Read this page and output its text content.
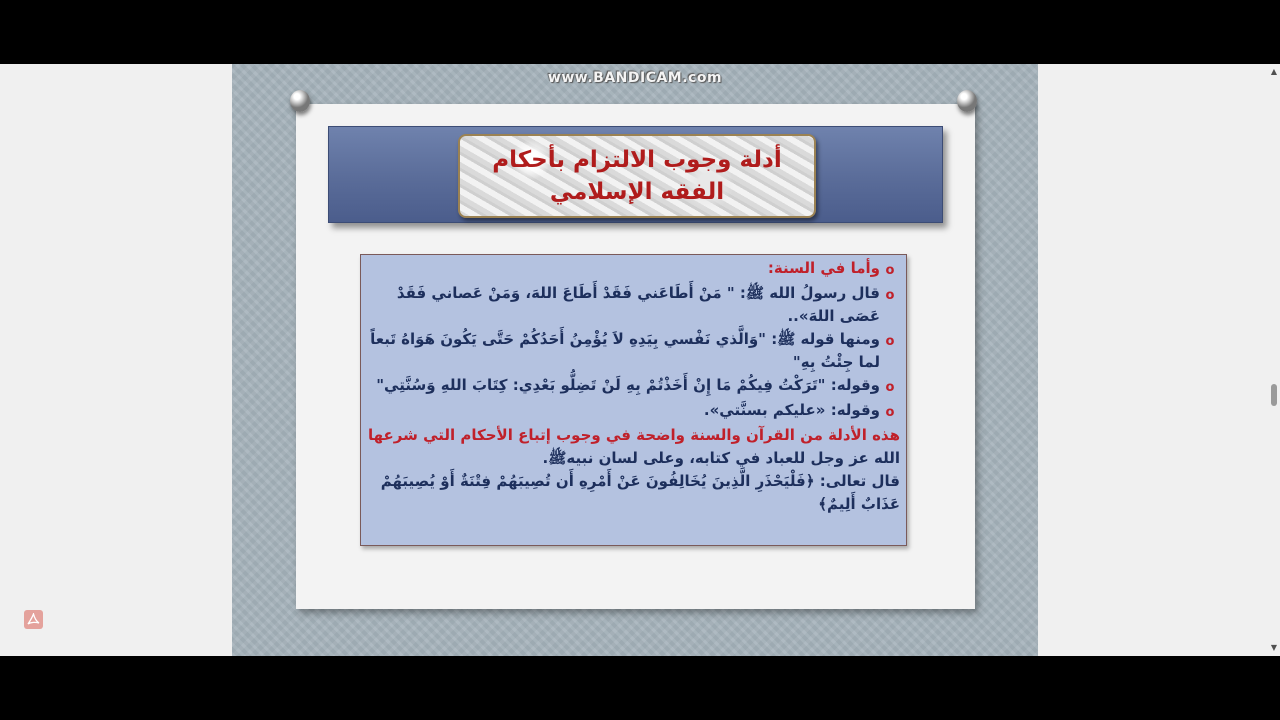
www.BANDICAM.com
أدلة وجوب الالتزام بأحكام
الفقه الإسلامي
ο
وأما في السنة:
ο
قال رسولُ الله ﷺ: " مَنْ أَطَاعَني فَقَدْ أَطَاعَ اللهَ، وَمَنْ عَصاني فَقَدْ عَصَى اللهَ»..
ο
ومنها قوله ﷺ: "وَالَّذي نَفْسي بِيَدِهِ لاَ يُؤْمِنُ أَحَدُكُمْ حَتَّى يَكُونَ هَوَاهُ تَبعاً لما جِئْتُ بِهِ"
ο
وقوله: "تَرَكْتُ فِيكُمْ مَا إِنْ أَخَذْتُمْ بِهِ لَنْ تَضِلُّو بَعْدِي: كِتَابَ اللهِ وَسُنَّتِي"
ο
وقوله: «عليكم بسنَّتي».
هذه الأدلة من القرآن والسنة واضحة في وجوب إتباع الأحكام التي شرعها الله عز وجل للعباد في كتابه، وعلى لسان نبيهﷺ.
قال تعالى: ﴿فَلْيَحْذَرِ الَّذِينَ يُخَالِفُونَ عَنْ أَمْرِهِ أَن تُصِيبَهُمْ فِتْنَةٌ أَوْ يُصِيبَهُمْ عَذَابٌ أَلِيمٌ﴾
▲
▼
